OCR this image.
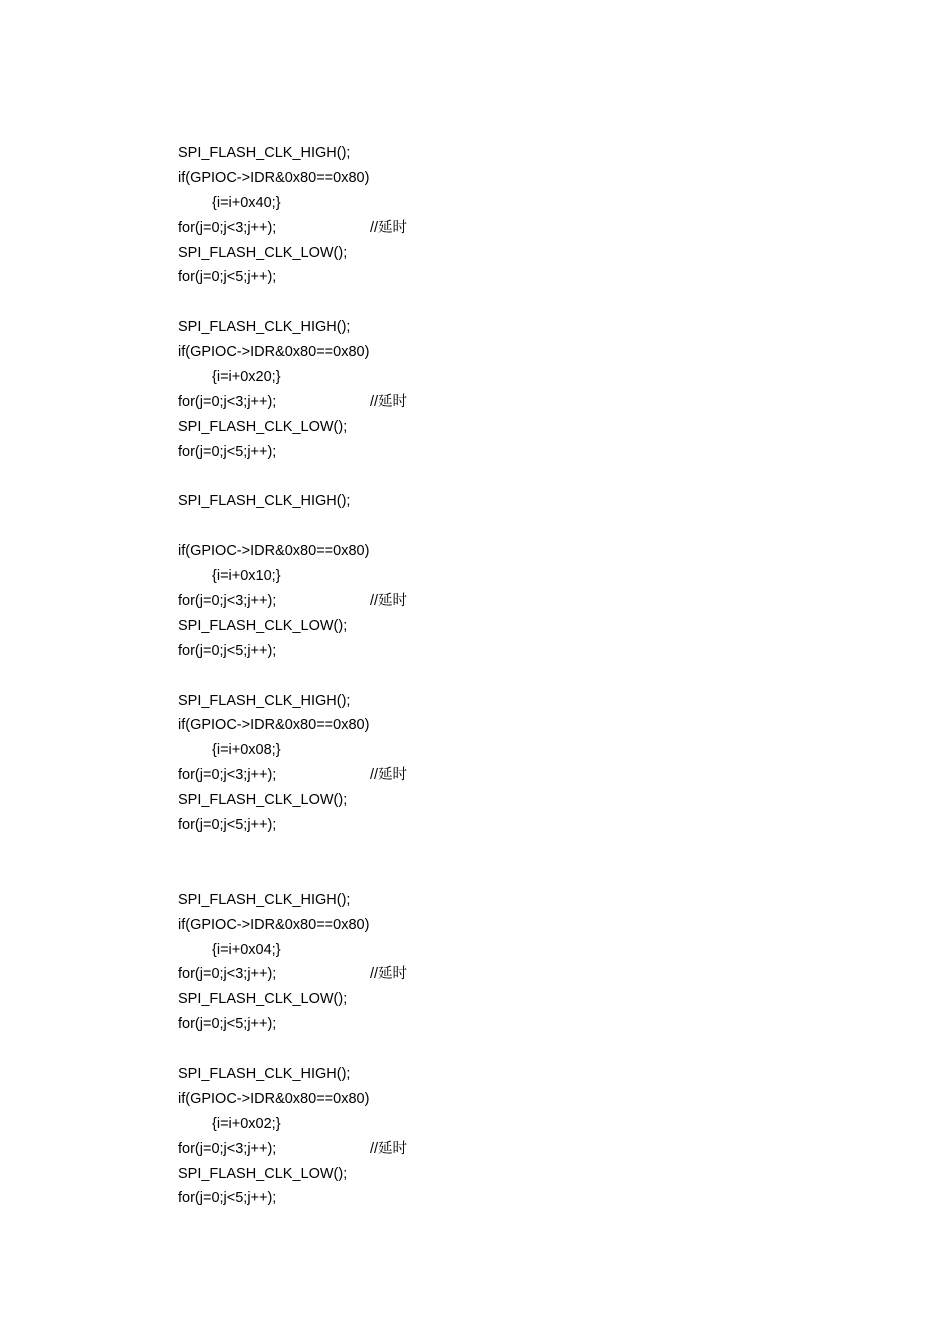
SPI_FLASH_CLK_HIGH();
if(GPIOC->IDR&0x80==0x80)
{i=i+0x40;}
for(j=0;j<3;j++);	//延时
SPI_FLASH_CLK_LOW();
for(j=0;j<5;j++);
SPI_FLASH_CLK_HIGH();
if(GPIOC->IDR&0x80==0x80)
{i=i+0x20;}
for(j=0;j<3;j++);	//延时
SPI_FLASH_CLK_LOW();
for(j=0;j<5;j++);
SPI_FLASH_CLK_HIGH();
if(GPIOC->IDR&0x80==0x80)
{i=i+0x10;}
for(j=0;j<3;j++);	//延时
SPI_FLASH_CLK_LOW();
for(j=0;j<5;j++);
SPI_FLASH_CLK_HIGH();
if(GPIOC->IDR&0x80==0x80)
{i=i+0x08;}
for(j=0;j<3;j++);	//延时
SPI_FLASH_CLK_LOW();
for(j=0;j<5;j++);
SPI_FLASH_CLK_HIGH();
if(GPIOC->IDR&0x80==0x80)
{i=i+0x04;}
for(j=0;j<3;j++);	//延时
SPI_FLASH_CLK_LOW();
for(j=0;j<5;j++);
SPI_FLASH_CLK_HIGH();
if(GPIOC->IDR&0x80==0x80)
{i=i+0x02;}
for(j=0;j<3;j++);	//延时
SPI_FLASH_CLK_LOW();
for(j=0;j<5;j++);
